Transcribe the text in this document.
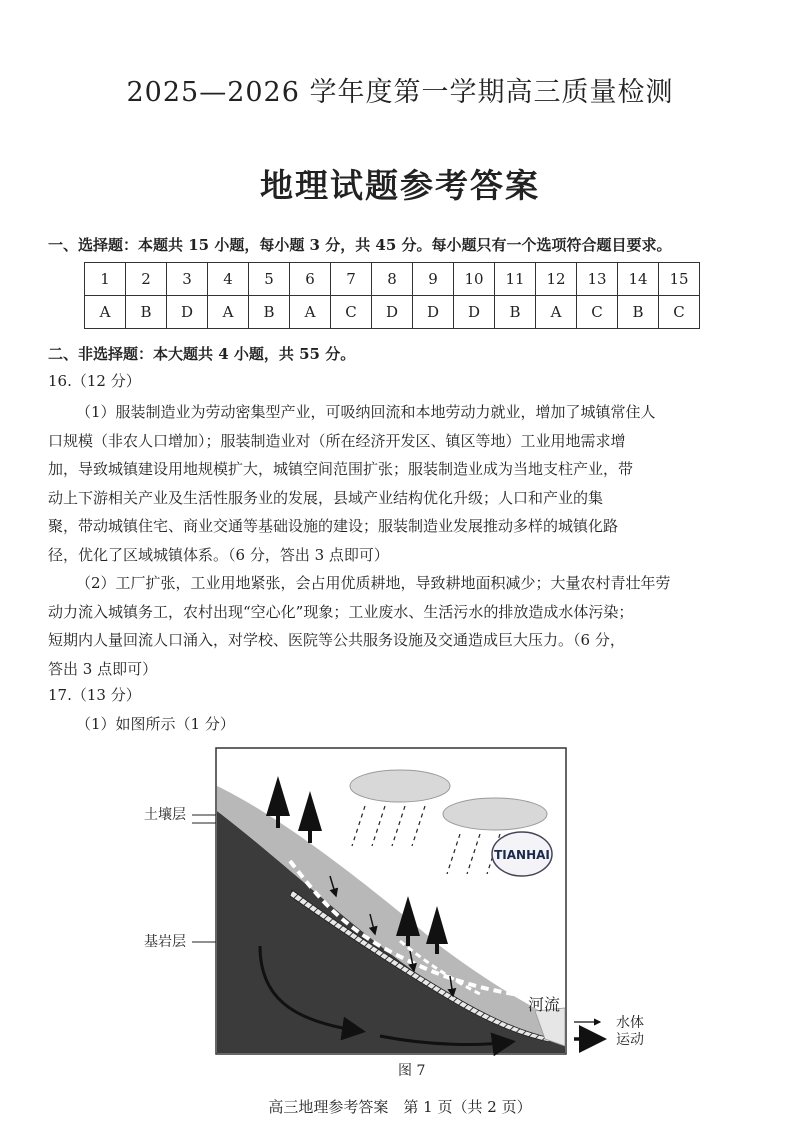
2025—2026 学年度第一学期高三质量检测
地理试题参考答案
一、选择题：本题共 15 小题，每小题 3 分，共 45 分。每小题只有一个选项符合题目要求。
1	2	3	4	5	6	7	8	9	10	11	12	13	14	15
A	B	D	A	B	A	C	D	D	D	B	A	C	B	C
二、非选择题：本大题共 4 小题，共 55 分。
16.（12 分）
（1）服装制造业为劳动密集型产业，可吸纳回流和本地劳动力就业，增加了城镇常住人
口规模（非农人口增加）；服装制造业对（所在经济开发区、镇区等地）工业用地需求增
加，导致城镇建设用地规模扩大，城镇空间范围扩张；服装制造业成为当地支柱产业，带
动上下游相关产业及生活性服务业的发展，县域产业结构优化升级；人口和产业的集
聚，带动城镇住宅、商业交通等基础设施的建设；服装制造业发展推动多样的城镇化路
径，优化了区域城镇体系。（6 分，答出 3 点即可）
（2）工厂扩张，工业用地紧张，会占用优质耕地，导致耕地面积减少；大量农村青壮年劳
动力流入城镇务工，农村出现“空心化”现象；工业废水、生活污水的排放造成水体污染；
短期内人量回流人口涌入，对学校、医院等公共服务设施及交通造成巨大压力。（6 分，
答出 3 点即可）
17.（13 分）
（1）如图所示（1 分）
TIANHAI
土壤层
基岩层
河流
水体
运动
图 7
高三地理参考答案　第 1 页（共 2 页）
